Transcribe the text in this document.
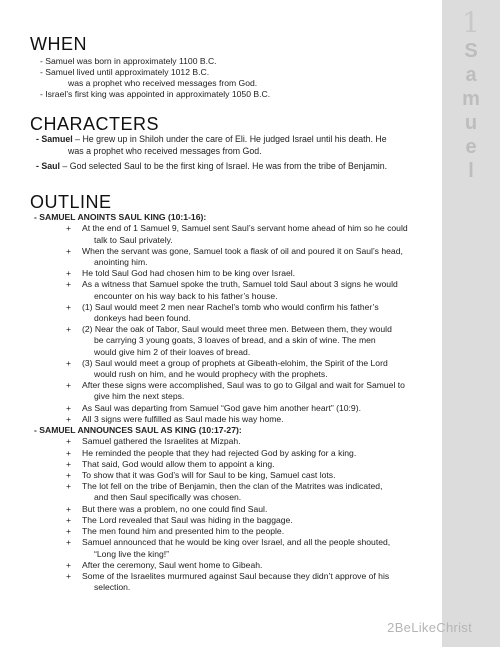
1
S
a
m
u
e
l
WHEN
- Samuel was born in approximately 1100 B.C.
- Samuel lived until approximately 1012 B.C.
was a prophet who received messages from God.
- Israel’s first king was appointed in approximately 1050 B.C.
CHARACTERS
- Samuel – He grew up in Shiloh under the care of Eli. He judged Israel until his death. He
was a prophet who received messages from God.
- Saul – God selected Saul to be the first king of Israel. He was from the tribe of Benjamin.
OUTLINE
- SAMUEL ANOINTS SAUL KING (10:1-16):
+ At the end of 1 Samuel 9, Samuel sent Saul’s servant home ahead of him so he could
talk to Saul privately.
+ When the servant was gone, Samuel took a flask of oil and poured it on Saul’s head,
anointing him.
+ He told Saul God had chosen him to be king over Israel.
+ As a witness that Samuel spoke the truth, Samuel told Saul about 3 signs he would
encounter on his way back to his father’s house.
+ (1) Saul would meet 2 men near Rachel’s tomb who would confirm his father’s
donkeys had been found.
+ (2) Near the oak of Tabor, Saul would meet three men. Between them, they would
be carrying 3 young goats, 3 loaves of bread, and a skin of wine. The men
would give him 2 of their loaves of bread.
+ (3) Saul would meet a group of prophets at Gibeath-elohim, the Spirit of the Lord
would rush on him, and he would prophecy with the prophets.
+ After these signs were accomplished, Saul was to go to Gilgal and wait for Samuel to
give him the next steps.
+ As Saul was departing from Samuel “God gave him another heart” (10:9).
+ All 3 signs were fulfilled as Saul made his way home.
- SAMUEL ANNOUNCES SAUL AS KING (10:17-27):
+ Samuel gathered the Israelites at Mizpah.
+ He reminded the people that they had rejected God by asking for a king.
+ That said, God would allow them to appoint a king.
+ To show that it was God’s will for Saul to be king, Samuel cast lots.
+ The lot fell on the tribe of Benjamin, then the clan of the Matrites was indicated,
and then Saul specifically was chosen.
+ But there was a problem, no one could find Saul.
+ The Lord revealed that Saul was hiding in the baggage.
+ The men found him and presented him to the people.
+ Samuel announced that he would be king over Israel, and all the people shouted,
“Long live the king!”
+ After the ceremony, Saul went home to Gibeah.
+ Some of the Israelites murmured against Saul because they didn’t approve of his
selection.
2BeLikeChrist
